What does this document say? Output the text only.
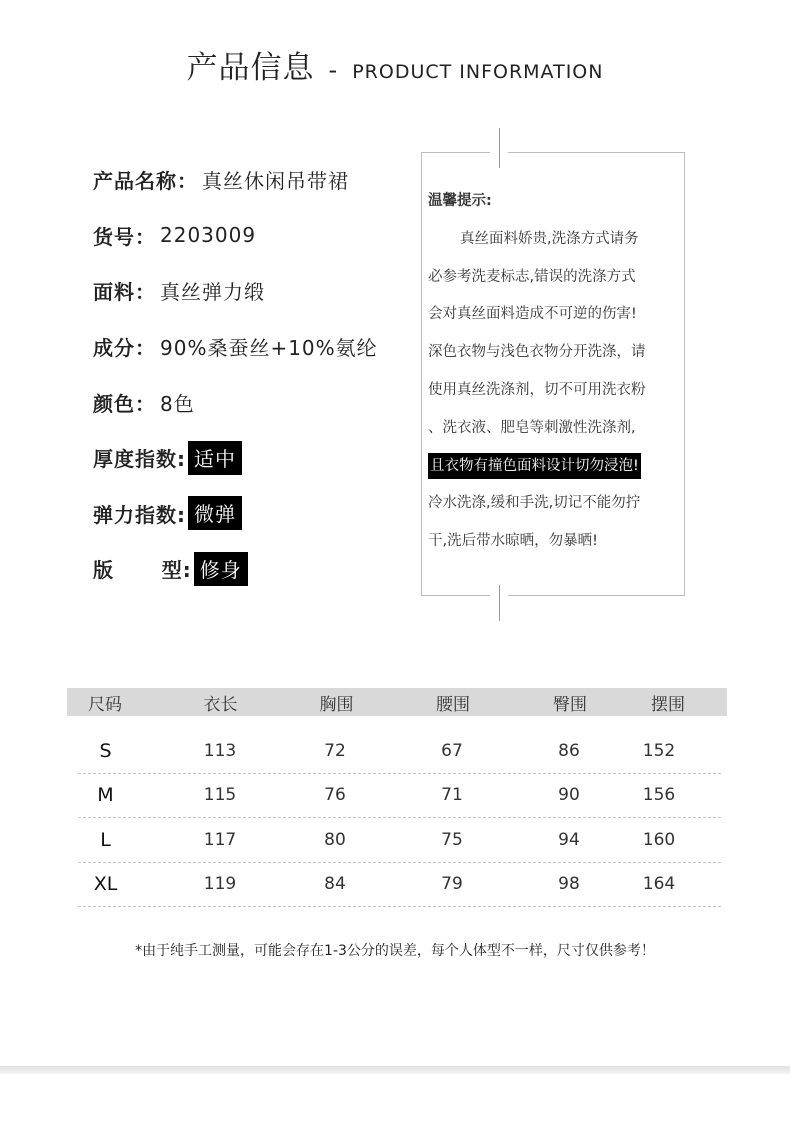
产品信息 - PRODUCT INFORMATION
产品名称： 真丝休闲吊带裙
货号： 2203009
面料： 真丝弹力缎
成分： 90%桑蚕丝+10%氨纶
颜色： 8色
厚度指数: 适中
弹力指数: 微弹
版      型: 修身
温馨提示:
真丝面料娇贵,洗涤方式请务
必参考洗麦标志,错误的洗涤方式
会对真丝面料造成不可逆的伤害!
深色衣物与浅色衣物分开洗涤，请
使用真丝洗涤剂，切不可用洗衣粉
、洗衣液、肥皂等刺激性洗涤剂,
且衣物有撞色面料设计切勿浸泡!
冷水洗涤,缓和手洗,切记不能勿拧
干,洗后带水晾晒，勿暴晒!
尺码	衣长	胸围	腰围	臀围	摆围
S	113	72	67	86	152
M	115	76	71	90	156
L	117	80	75	94	160
XL	119	84	79	98	164
*由于纯手工测量，可能会存在1-3公分的误差，每个人体型不一样，尺寸仅供参考！
